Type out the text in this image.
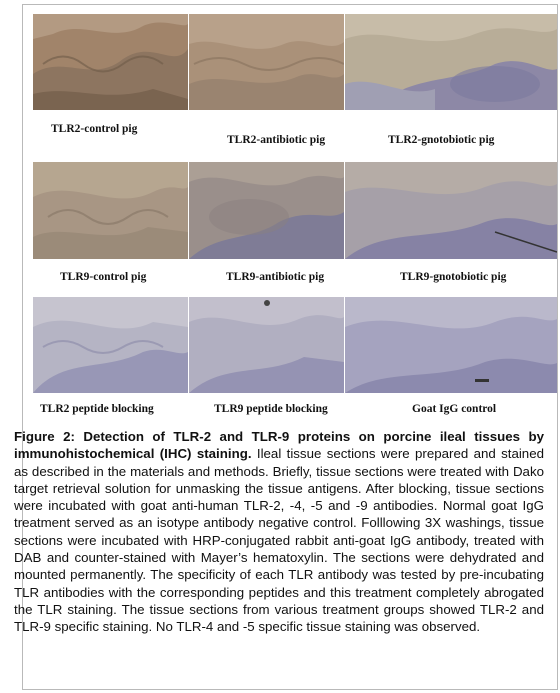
TLR2-control pig
TLR2-antibiotic pig	TLR2-gnotobiotic pig
TLR9-control pig	TLR9-antibiotic pig	TLR9-gnotobiotic pig
TLR2 peptide blocking	TLR9 peptide blocking	Goat IgG control
Figure 2: Detection of TLR-2 and TLR-9 proteins on porcine ileal tissues by immunohistochemical (IHC) staining. Ileal tissue sections were prepared and stained as described in the materials and methods. Briefly, tissue sections were treated with Dako target retrieval solution for unmasking the tissue antigens. After blocking, tissue sections were incubated with goat anti-human TLR-2, -4, -5 and -9 antibodies. Normal goat IgG treatment served as an isotype antibody negative control. Folllowing 3X washings, tissue sections were incubated with HRP-conjugated rabbit anti-goat IgG antibody, treated with DAB and counter-stained with Mayer’s hematoxylin. The sections were dehydrated and mounted permanently. The specificity of each TLR antibody was tested by pre-incubating TLR antibodies with the corresponding peptides and this treatment completely abrogated the TLR staining. The tissue sections from various treatment groups showed TLR-2 and TLR-9 specific staining. No TLR-4 and -5 specific tissue staining was observed.
